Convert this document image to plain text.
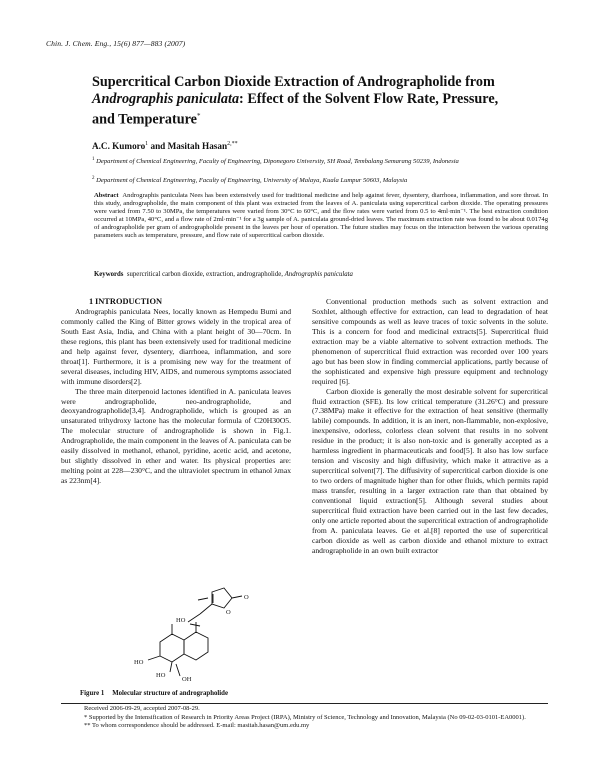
Chin. J. Chem. Eng., 15(6) 877—883 (2007)
Supercritical Carbon Dioxide Extraction of Andrographolide from
Andrographis paniculata: Effect of the Solvent Flow Rate, Pressure,
and Temperature*
A.C. Kumoro$^1$ and Masitah Hasan$^{2,**}$
$^1$ Department of Chemical Engineering, Faculty of Engineering, Diponegoro University, SH Road, Tembalang Semarang 50239, Indonesia
$^2$ Department of Chemical Engineering, Faculty of Engineering, University of Malaya, Kuala Lumpur 50603, Malaysia
Abstract Andrographis paniculata Nees has been extensively used for traditional medicine and help against fever, dysentery, diarrhoea, inflammation, and sore throat. In this study, andrographolide, the main component of this plant was extracted from the leaves of A. paniculata using supercritical carbon dioxide. The operating pressures were varied from 7.50 to 30MPa, the temperatures were varied from 30°C to 60°C, and the flow rates were varied from 0.5 to 4ml·min⁻¹. The best extraction condition occurred at 10MPa, 40°C, and a flow rate of 2ml·min⁻¹ for a 3g sample of A. paniculata ground-dried leaves. The maximum extraction rate was found to be about 0.0174g of andrographolide per gram of andrographolide present in the leaves per hour of operation. The future studies may focus on the interaction between the various operating parameters such as temperature, pressure, and flow rate of supercritical carbon dioxide.
Keywords supercritical carbon dioxide, extraction, andrographolide, Andrographis paniculata

1 INTRODUCTION

Andrographis paniculata Nees, locally known as Hempedu Bumi and commonly called the King of Bitter grows widely in the tropical area of South East Asia, India, and China with a plant height of 30—70cm. In these regions, this plant has been extensively used for traditional medicine and help against fever, dysentery, diarrhoea, inflammation, and sore throat[1]. Furthermore, it is a promising new way for the treatment of several diseases, including HIV, AIDS, and numerous symptoms associated with immune disorders[2].

The three main diterpenoid lactones identified in A. paniculata leaves were andrographolide, neo-andrographolide, and deoxyandrographolide[3,4]. Andrographolide, which is grouped as an unsaturated trihydroxy lactone has the molecular formula of C20H30O5. The molecular structure of andrographolide is shown in Fig.1. Andrographolide, the main component in the leaves of A. paniculata can be easily dissolved in methanol, ethanol, pyridine, acetic acid, and acetone, but slightly dissolved in ether and water. Its physical properties are: melting point at 228—230°C, and the ultraviolet spectrum in ethanol λmax as 223nm[4].

HO
HO
HO
OH
O
O
Figure 1 Molecular structure of andrographolide

Conventional production methods such as solvent extraction and Soxhlet, although effective for extraction, can lead to degradation of heat sensitive compounds as well as leave traces of toxic solvents in the solute. This is a concern for food and medicinal extracts[5]. Supercritical fluid extraction may be a viable alternative to solvent extraction methods. The phenomenon of supercritical fluid extraction was recorded over 100 years ago but has been slow in finding commercial applications, partly because of the sophisticated and expensive high pressure equipment and technology required [6].

Carbon dioxide is generally the most desirable solvent for supercritical fluid extraction (SFE). Its low critical temperature (31.26°C) and pressure (7.38MPa) make it effective for the extraction of heat sensitive (thermally labile) compounds. In addition, it is an inert, non-flammable, non-explosive, inexpensive, odorless, colorless clean solvent that results in no solvent residue in the product; it is also non-toxic and is generally accepted as a harmless ingredient in pharmaceuticals and food[5]. It also has low surface tension and viscosity and high diffusivity, which make it attractive as a supercritical solvent[7]. The diffusivity of supercritical carbon dioxide is one to two orders of magnitude higher than for other fluids, which permits rapid mass transfer, resulting in a larger extraction rate than that obtained by conventional liquid extraction[5]. Although several studies about supercritical fluid extraction have been carried out in the last few decades, only one article reported about the supercritical extraction of andrographolide from A. paniculata leaves. Ge et al.[8] reported the use of supercritical carbon dioxide as well as carbon dioxide and ethanol mixture to extract andrographolide in an own built extractor

Received 2006-09-29, accepted 2007-08-29.

* Supported by the Intensification of Research in Priority Areas Project (IRPA), Ministry of Science, Technology and Innovation, Malaysia (No 09-02-03-0101-EA0001).

** To whom correspondence should be addressed. E-mail: masitah.hasan@um.edu.my
